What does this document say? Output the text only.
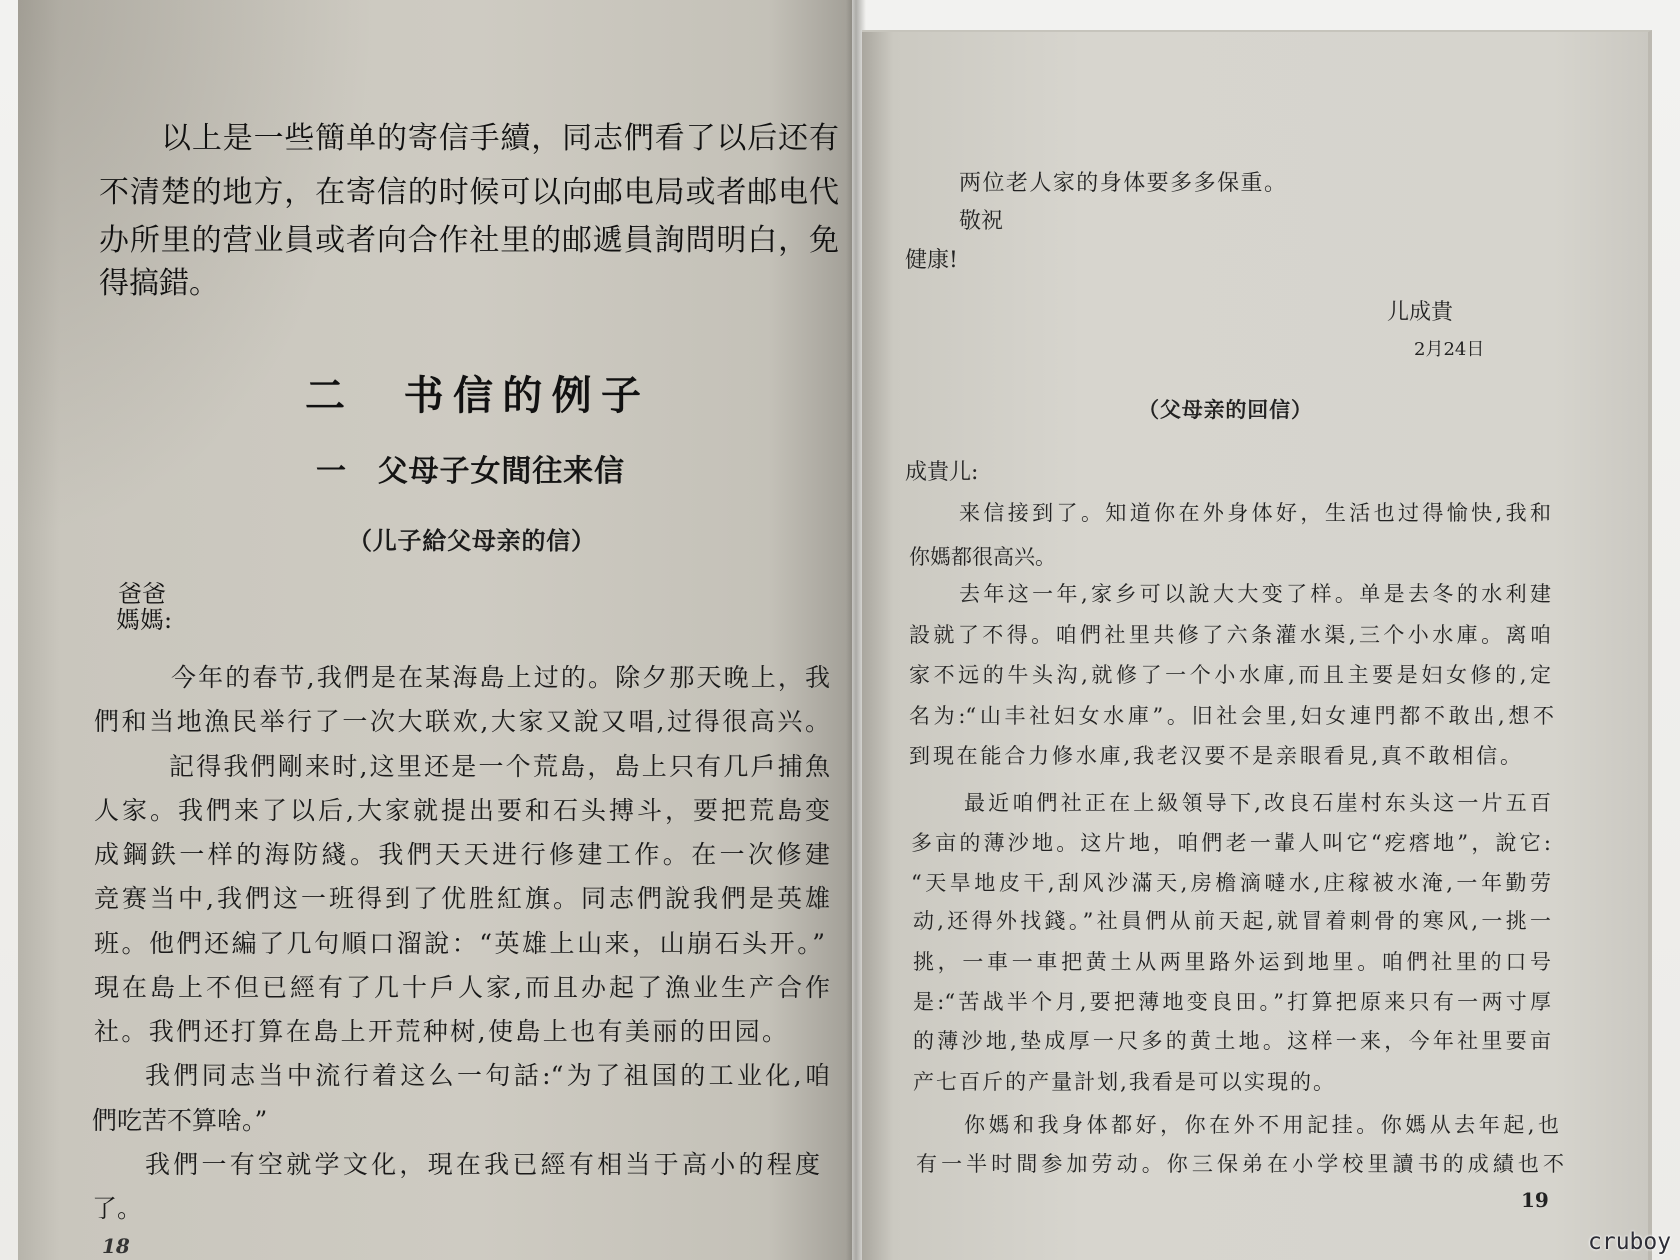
以上是一些簡单的寄信手續，同志們看了以后还有

不清楚的地方，在寄信的时候可以向邮电局或者邮电代

办所里的营业員或者向合作社里的邮遞員詢問明白，免

得搞錯。

二　书信的例子
一　父母子女間往来信
（儿子給父母亲的信）

爸爸

媽媽:

今年的春节,我們是在某海島上过的。除夕那天晚上，我

們和当地漁民举行了一次大联欢,大家又說又唱,过得很高兴。

記得我們剛来时,这里还是一个荒島，島上只有几戶捕魚

人家。我們来了以后,大家就提出要和石头搏斗，要把荒島变

成鋼鉄一样的海防綫。我們天天进行修建工作。在一次修建

竞赛当中,我們这一班得到了优胜紅旗。同志們說我們是英雄

班。他們还編了几句順口溜說：“英雄上山来，山崩石头开。”

現在島上不但已經有了几十戶人家,而且办起了漁业生产合作

社。我們还打算在島上开荒种树,使島上也有美丽的田园。

我們同志当中流行着这么一句話:“为了祖国的工业化,咱

們吃苦不算啥。”

我們一有空就学文化，現在我已經有相当于高小的程度

了。

18

两位老人家的身体要多多保重。

敬祝

健康!

儿成貴

2月24日

（父母亲的回信）

成貴儿:

来信接到了。知道你在外身体好，生活也过得愉快,我和

你媽都很高兴。

去年这一年,家乡可以說大大变了样。单是去冬的水利建

設就了不得。咱們社里共修了六条灌水渠,三个小水庫。离咱

家不远的牛头沟,就修了一个小水庫,而且主要是妇女修的,定

名为:“山丰社妇女水庫”。旧社会里,妇女連門都不敢出,想不

到現在能合力修水庫,我老汉要不是亲眼看見,真不敢相信。

最近咱們社正在上級領导下,改良石崖村东头这一片五百

多亩的薄沙地。这片地，咱們老一輩人叫它“疙瘩地”，說它:

“天旱地皮干,刮风沙滿天,房檐滴噠水,庄稼被水淹,一年勤劳

动,还得外找錢。”社員們从前天起,就冒着刺骨的寒风,一挑一

挑，一車一車把黄土从两里路外运到地里。咱們社里的口号

是:“苦战半个月,要把薄地变良田。”打算把原来只有一两寸厚

的薄沙地,垫成厚一尺多的黄土地。这样一来，今年社里要亩

产七百斤的产量計划,我看是可以实現的。

你媽和我身体都好，你在外不用記挂。你媽从去年起,也

有一半时間参加劳动。你三保弟在小学校里讀书的成績也不

19
cruboy
